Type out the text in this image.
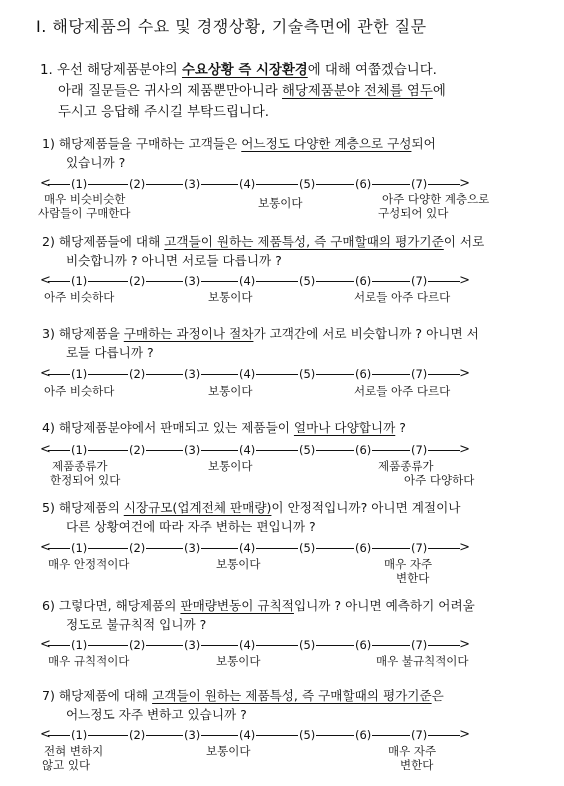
Ⅰ. 해당제품의 수요 및 경쟁상황, 기술측면에 관한 질문
1. 우선 해당제품분야의 수요상황 즉 시장환경에 대해 여쭙겠습니다.
아래 질문들은 귀사의 제품뿐만아니라 해당제품분야 전체를 염두에
두시고 응답해 주시길 부탁드립니다.
1) 해당제품들을 구매하는 고객들은 어느정도 다양한 계층으로 구성되어
있습니까 ?
<	>
(1)	(2)	(3)	(4)	(5)	(6)	(7)
매우 비슷비슷한
사람들이 구매한다
보통이다	아주 다양한 계층으로
구성되어 있다
2) 해당제품들에 대해 고객들이 원하는 제품특성, 즉 구매할때의 평가기준이 서로
비슷합니까 ? 아니면 서로들 다릅니까 ?
<	>
(1)	(2)	(3)	(4)	(5)	(6)	(7)
아주 비슷하다	보통이다	서로들 아주 다르다
3) 해당제품을 구매하는 과정이나 절차가 고객간에 서로 비슷합니까 ? 아니면 서
로들 다릅니까 ?
<	>
(1)	(2)	(3)	(4)	(5)	(6)	(7)
아주 비슷하다	보통이다	서로들 아주 다르다
4) 해당제품분야에서 판매되고 있는 제품들이 얼마나 다양합니까 ?
<	>
(1)	(2)	(3)	(4)	(5)	(6)	(7)
제품종류가
한정되어 있다
보통이다	제품종류가
아주 다양하다
5) 해당제품의 시장규모(업계전체 판매량)이 안정적입니까? 아니면 계절이나
다른 상황여건에 따라 자주 변하는 편입니까 ?
<	>
(1)	(2)	(3)	(4)	(5)	(6)	(7)
매우 안정적이다	보통이다	매우 자주
변한다
6) 그렇다면, 해당제품의 판매량변동이 규칙적입니까 ? 아니면 예측하기 어려울
정도로 불규칙적 입니까 ?
<	>
(1)	(2)	(3)	(4)	(5)	(6)	(7)
매우 규칙적이다	보통이다	매우 불규칙적이다
7) 해당제품에 대해 고객들이 원하는 제품특성, 즉 구매할때의 평가기준은
어느정도 자주 변하고 있습니까 ?
<	>
(1)	(2)	(3)	(4)	(5)	(6)	(7)
전혀 변하지
않고 있다
보통이다	매우 자주
변한다
